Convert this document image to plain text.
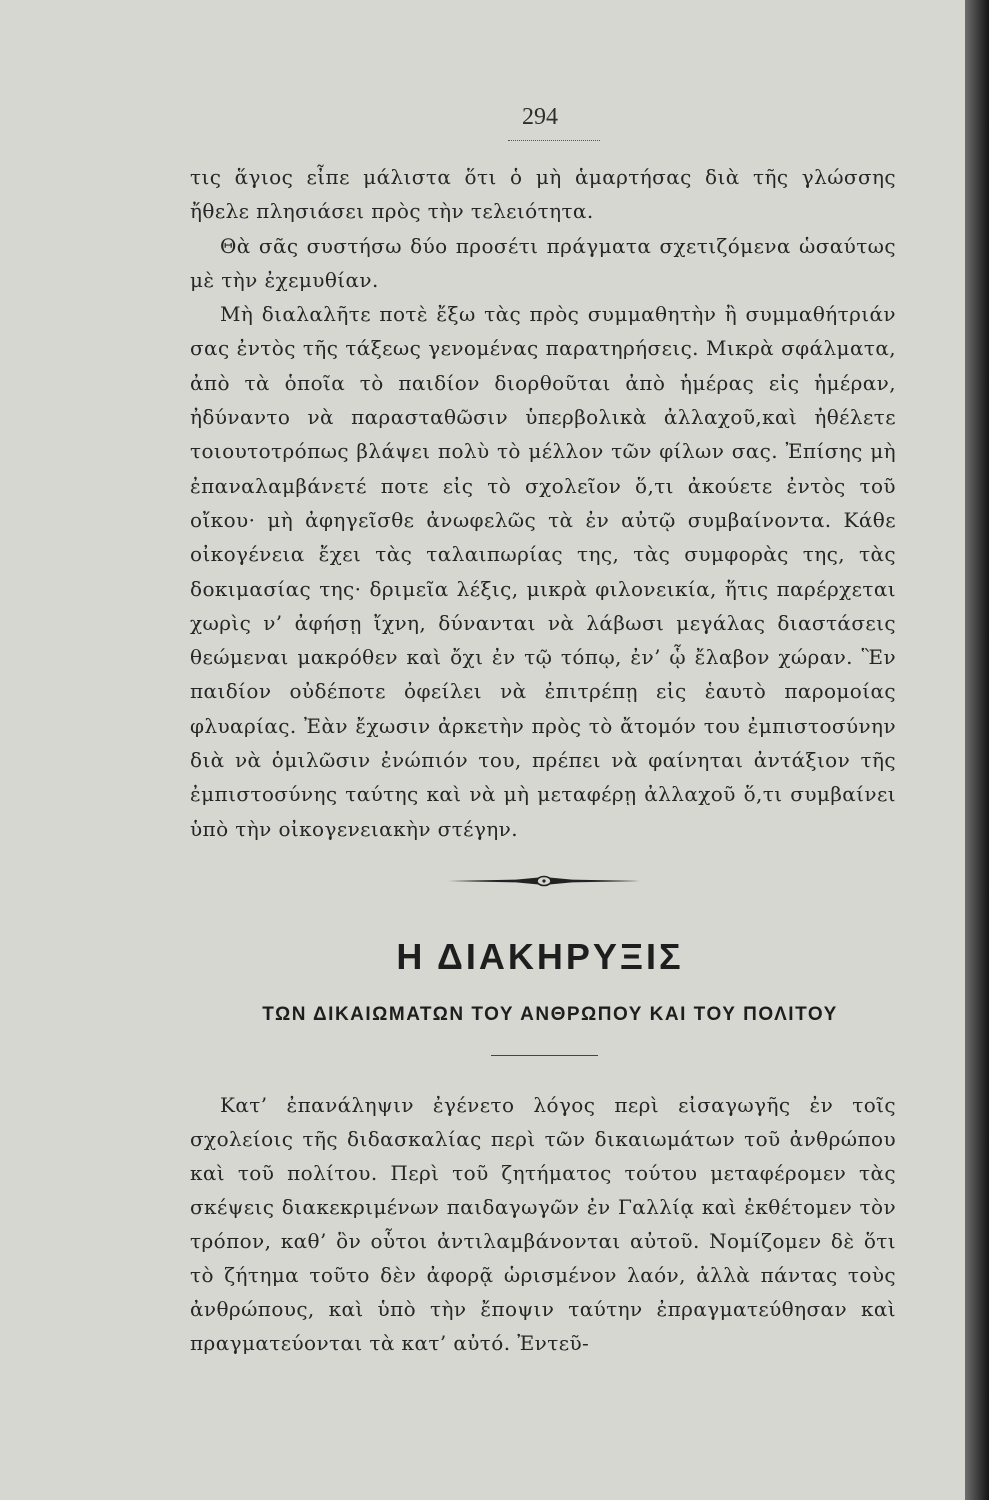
294

τις ἅγιος εἶπε μάλιστα ὅτι ὁ μὴ ἁμαρτήσας διὰ τῆς γλώσσης ἤθελε πλησιάσει πρὸς τὴν τελειότητα.

Θὰ σᾶς συστήσω δύο προσέτι πράγματα σχετιζόμενα ὡσαύτως μὲ τὴν ἐχεμυθίαν.

Μὴ διαλαλῆτε ποτὲ ἔξω τὰς πρὸς συμμαθητὴν ἢ συμμαθήτριάν σας ἐντὸς τῆς τάξεως γενομένας παρατηρήσεις. Μικρὰ σφάλματα, ἀπὸ τὰ ὁποῖα τὸ παιδίον διορθοῦται ἀπὸ ἡμέρας εἰς ἡμέραν, ἠδύναντο νὰ παρασταθῶσιν ὑπερβολικὰ ἀλλαχοῦ,καὶ ἠθέλετε τοιουτοτρόπως βλάψει πολὺ τὸ μέλλον τῶν φίλων σας. Ἐπίσης μὴ ἐπαναλαμβάνετέ ποτε εἰς τὸ σχολεῖον ὅ,τι ἀκούετε ἐντὸς τοῦ οἴκου· μὴ ἀφηγεῖσθε ἀνωφελῶς τὰ ἐν αὐτῷ συμβαίνοντα. Κάθε οἰκογένεια ἔχει τὰς ταλαιπωρίας της, τὰς συμφορὰς της, τὰς δοκιμασίας της· δριμεῖα λέξις, μικρὰ φιλονεικία, ἥτις παρέρχεται χωρὶς ν’ ἀφήσῃ ἴχνη, δύνανται νὰ λάβωσι μεγάλας διαστάσεις θεώμεναι μακρόθεν καὶ ὄχι ἐν τῷ τόπῳ, ἐν’ ᾧ ἔλαβον χώραν. Ἓν παιδίον οὐδέποτε ὀφείλει νὰ ἐπιτρέπῃ εἰς ἑαυτὸ παρομοίας φλυαρίας. Ἐὰν ἔχωσιν ἀρκετὴν πρὸς τὸ ἄτομόν του ἐμπιστοσύνην διὰ νὰ ὁμιλῶσιν ἐνώπιόν του, πρέπει νὰ φαίνηται ἀντάξιον τῆς ἐμπιστοσύνης ταύτης καὶ νὰ μὴ μεταφέρῃ ἀλλαχοῦ ὅ,τι συμβαίνει ὑπὸ τὴν οἰκογενειακὴν στέγην.

Η ΔΙΑΚΗΡΥΞΙΣ
ΤΩΝ ΔΙΚΑΙΩΜΑΤΩΝ ΤΟΥ ΑΝΘΡΩΠΟΥ ΚΑΙ ΤΟΥ ΠΟΛΙΤΟΥ

Κατ’ ἐπανάληψιν ἐγένετο λόγος περὶ εἰσαγωγῆς ἐν τοῖς σχολείοις τῆς διδασκαλίας περὶ τῶν δικαιωμάτων τοῦ ἀνθρώπου καὶ τοῦ πολίτου. Περὶ τοῦ ζητήματος τούτου μεταφέρομεν τὰς σκέψεις διακεκριμένων παιδαγωγῶν ἐν Γαλλίᾳ καὶ ἐκθέτομεν τὸν τρόπον, καθ’ ὃν οὗτοι ἀντιλαμβάνονται αὐτοῦ. Νομίζομεν δὲ ὅτι τὸ ζήτημα τοῦτο δὲν ἀφορᾷ ὡρισμένον λαόν, ἀλλὰ πάντας τοὺς ἀνθρώπους, καὶ ὑπὸ τὴν ἔποψιν ταύτην ἐπραγματεύθησαν καὶ πραγματεύονται τὰ κατ’ αὐτό. Ἐντεῦ-
